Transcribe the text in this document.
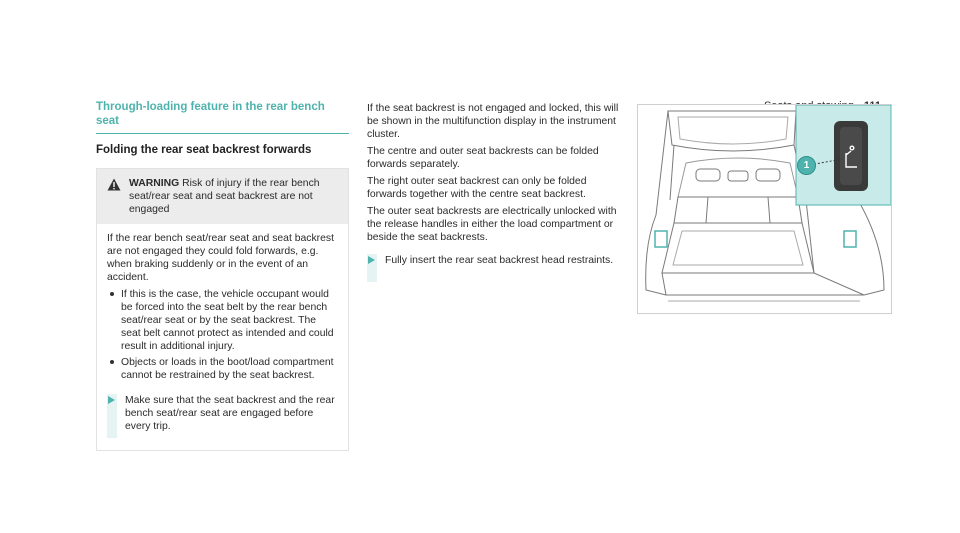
Through-loading feature in the rear bench seat
Folding the rear seat backrest forwards
WARNING Risk of injury if the rear bench seat/rear seat and seat backrest are not engaged

If the rear bench seat/rear seat and seat backrest are not engaged they could fold forwards, e.g. when braking suddenly or in the event of an accident.

If this is the case, the vehicle occupant would be forced into the seat belt by the rear bench seat/rear seat or by the seat backrest. The seat belt cannot protect as intended and could result in additional injury.
Objects or loads in the boot/load compartment cannot be restrained by the seat backrest.
Make sure that the seat backrest and the rear bench seat/rear seat are engaged before every trip.

If the seat backrest is not engaged and locked, this will be shown in the multifunction display in the instrument cluster.

The centre and outer seat backrests can be folded forwards separately.

The right outer seat backrest can only be folded forwards together with the centre seat backrest.

The outer seat backrests are electrically unlocked with the release handles in either the load compartment or beside the seat backrests.

Fully insert the rear seat backrest head restraints.
1
